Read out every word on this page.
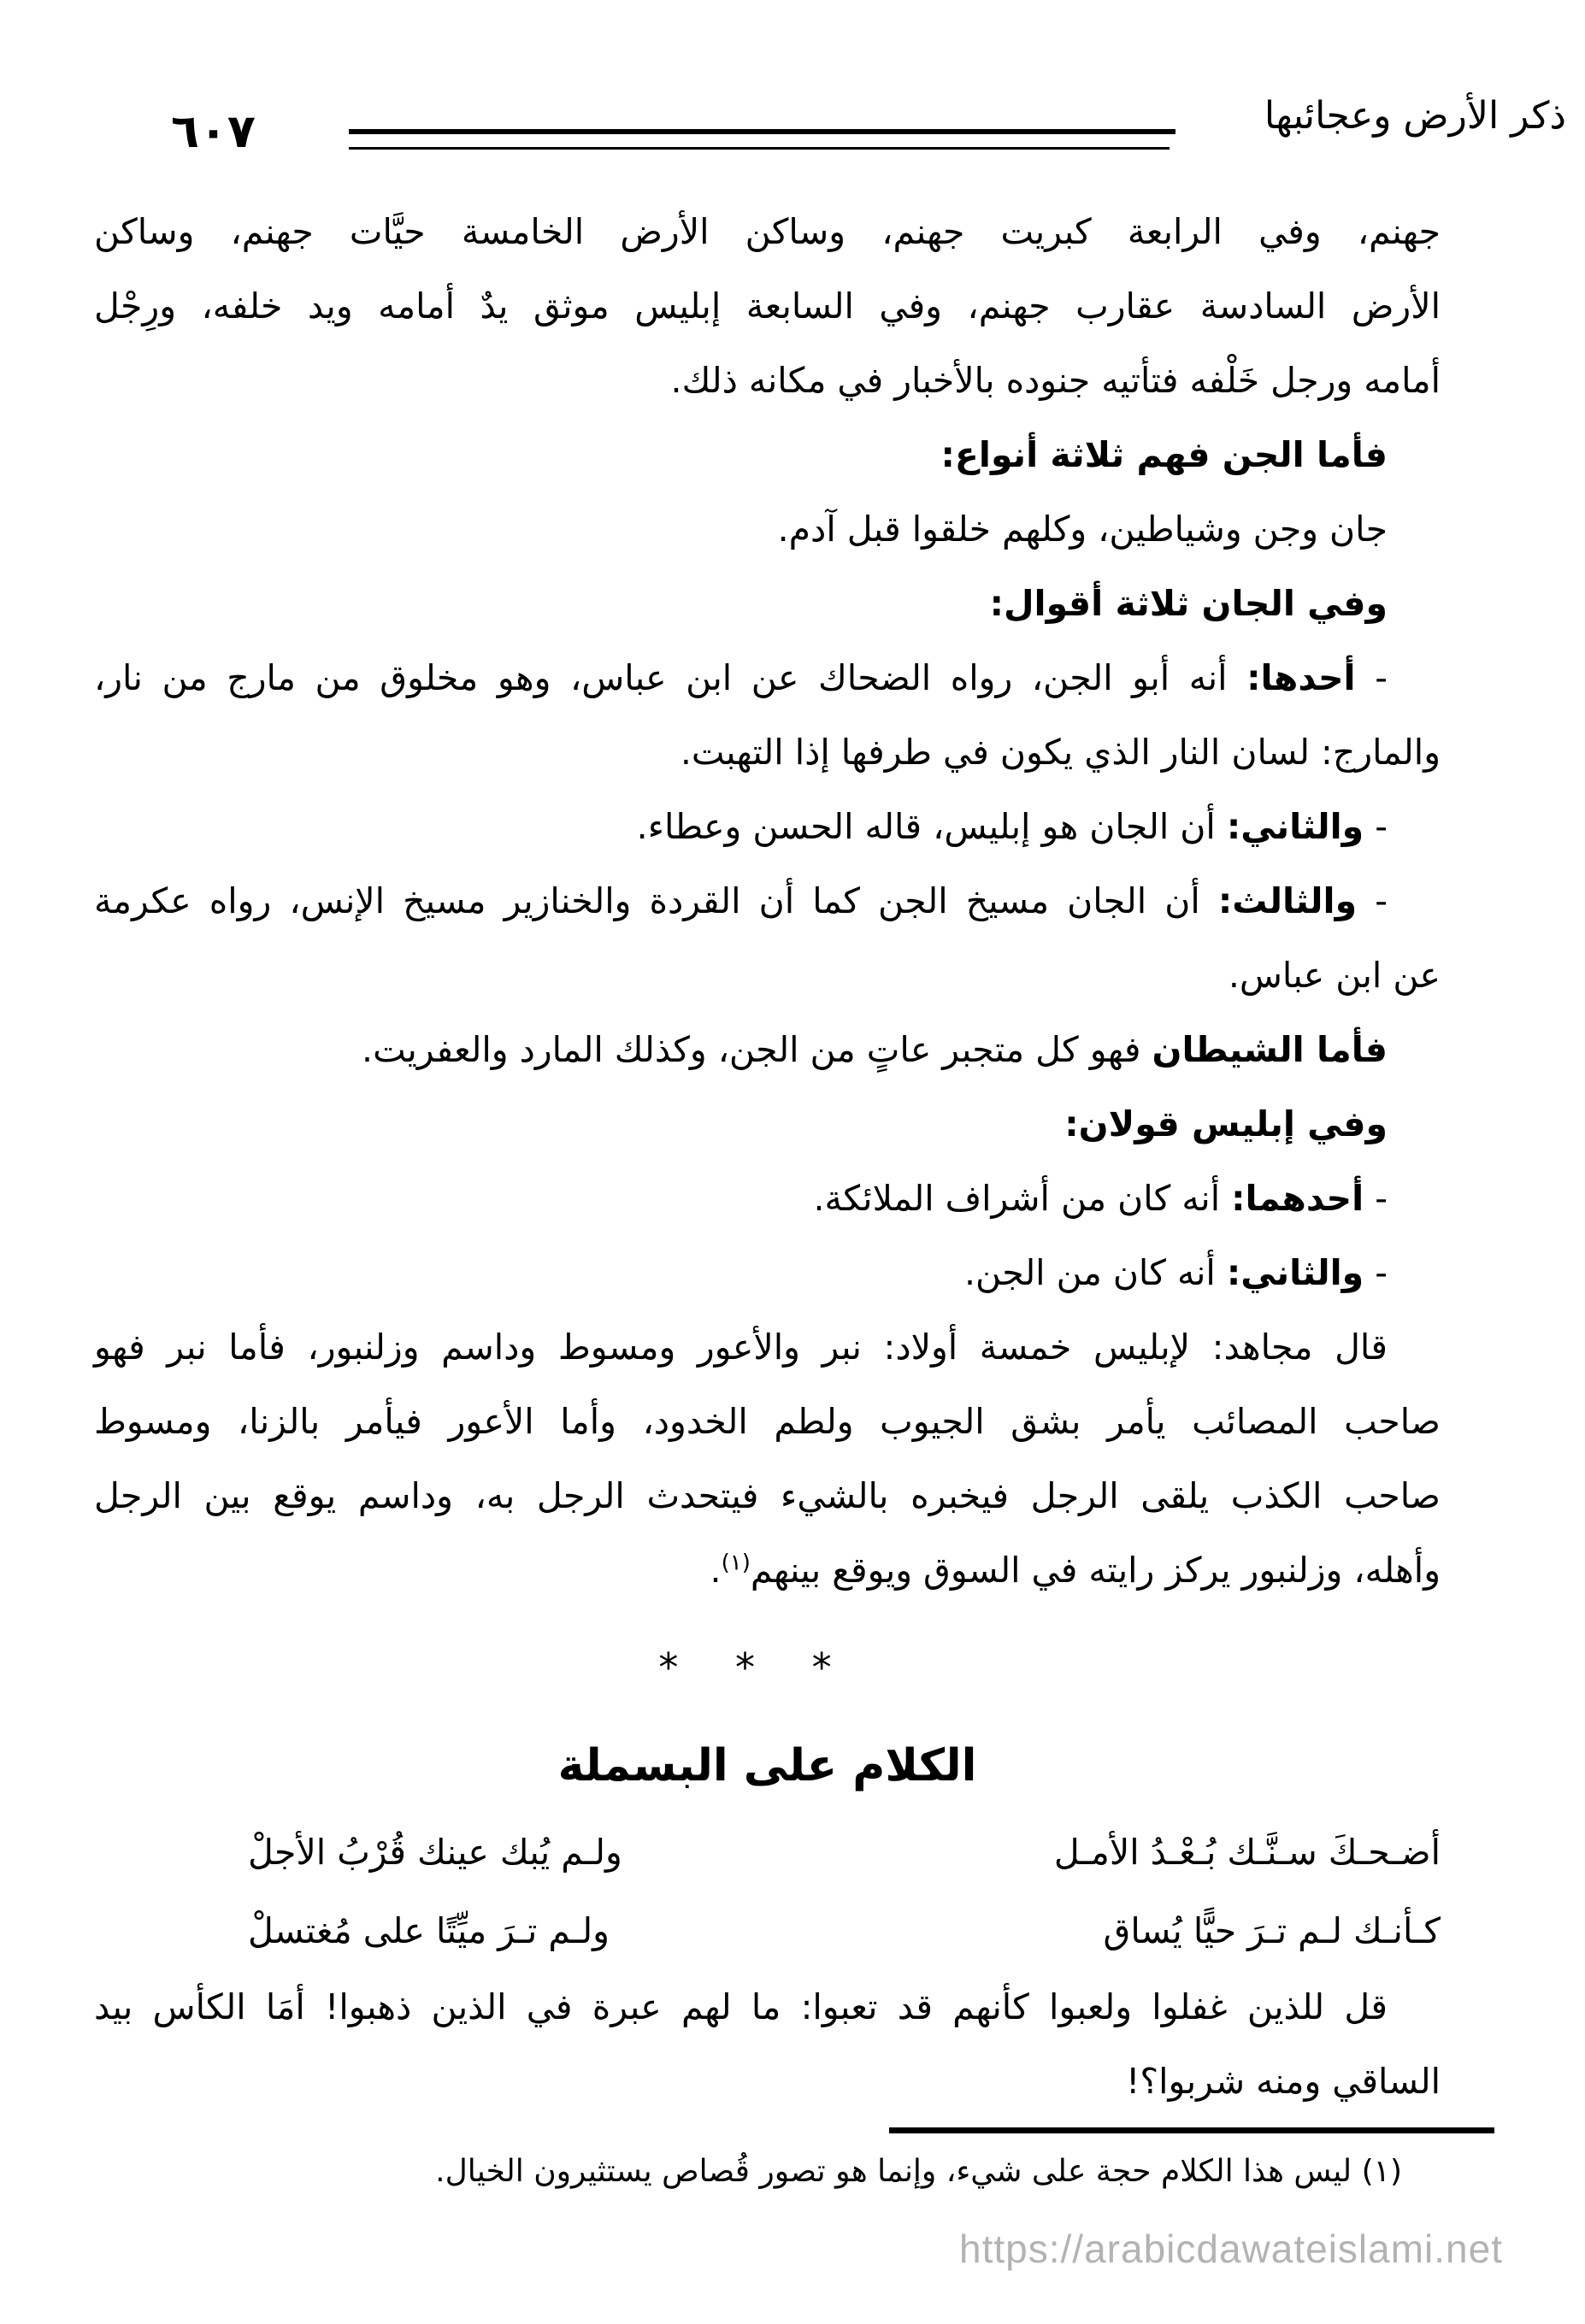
٦٠٧	ذكر الأرض وعجائبها
جهنم، وفي الرابعة كبريت جهنم، وساكن الأرض الخامسة حيَّات جهنم، وساكن
الأرض السادسة عقارب جهنم، وفي السابعة إبليس موثق يدٌ أمامه ويد خلفه، ورِجْل
أمامه ورجل خَلْفه فتأتيه جنوده بالأخبار في مكانه ذلك.
فأما الجن فهم ثلاثة أنواع:
جان وجن وشياطين، وكلهم خلقوا قبل آدم.
وفي الجان ثلاثة أقوال:
- أحدها: أنه أبو الجن، رواه الضحاك عن ابن عباس، وهو مخلوق من مارج من نار،
والمارج: لسان النار الذي يكون في طرفها إذا التهبت.
- والثاني: أن الجان هو إبليس، قاله الحسن وعطاء.
- والثالث: أن الجان مسيخ الجن كما أن القردة والخنازير مسيخ الإنس، رواه عكرمة
عن ابن عباس.
فأما الشيطان فهو كل متجبر عاتٍ من الجن، وكذلك المارد والعفريت.
وفي إبليس قولان:
- أحدهما: أنه كان من أشراف الملائكة.
- والثاني: أنه كان من الجن.
قال مجاهد: لإبليس خمسة أولاد: نبر والأعور ومسوط وداسم وزلنبور، فأما نبر فهو
صاحب المصائب يأمر بشق الجيوب ولطم الخدود، وأما الأعور فيأمر بالزنا، ومسوط
صاحب الكذب يلقى الرجل فيخبره بالشيء فيتحدث الرجل به، وداسم يوقع بين الرجل
وأهله، وزلنبور يركز رايته في السوق ويوقع بينهم$^{(١)}$.
* * *
الكلام على البسملة
أضـحـكَ سـنَّـك بُـعْـدُ الأمـل
ولـم يُبك عينك قُرْبُ الأجلْ
كـأنـك لـم تـرَ حيًّا يُساق
ولـم تـرَ ميِّتًا على مُغتسلْ
قل للذين غفلوا ولعبوا كأنهم قد تعبوا: ما لهم عبرة في الذين ذهبوا! أمَا الكأس بيد
الساقي ومنه شربوا؟!
(١) ليس هذا الكلام حجة على شيء، وإنما هو تصور قُصاص يستثيرون الخيال.
https://arabicdawateislami.net
